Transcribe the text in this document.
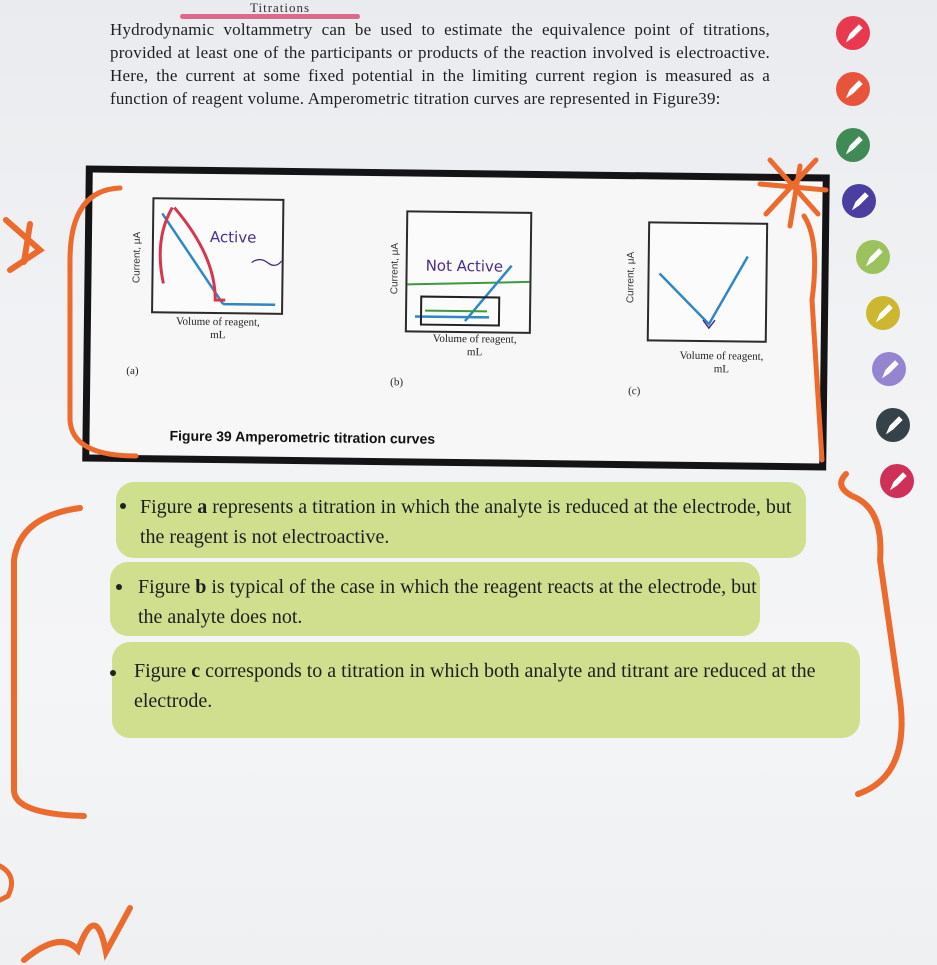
Titrations
Hydrodynamic voltammetry can be used to estimate the equivalence point of titrations, provided at least one of the participants or products of the reaction involved is electroactive. Here, the current at some fixed potential in the limiting current region is measured as a function of reagent volume. Amperometric titration curves are represented in Figure39:
Active
Current, μA
Volume of reagent, mL
(a)
Not Active
Current, μA
Volume of reagent, mL
(b)
Current, μA
Volume of reagent, mL
(c)
Figure 39 Amperometric titration curves
Figure a represents a titration in which the analyte is reduced at the electrode, but the reagent is not electroactive.
Figure b is typical of the case in which the reagent reacts at the electrode, but the analyte does not.
Figure c corresponds to a titration in which both analyte and titrant are reduced at the electrode.
